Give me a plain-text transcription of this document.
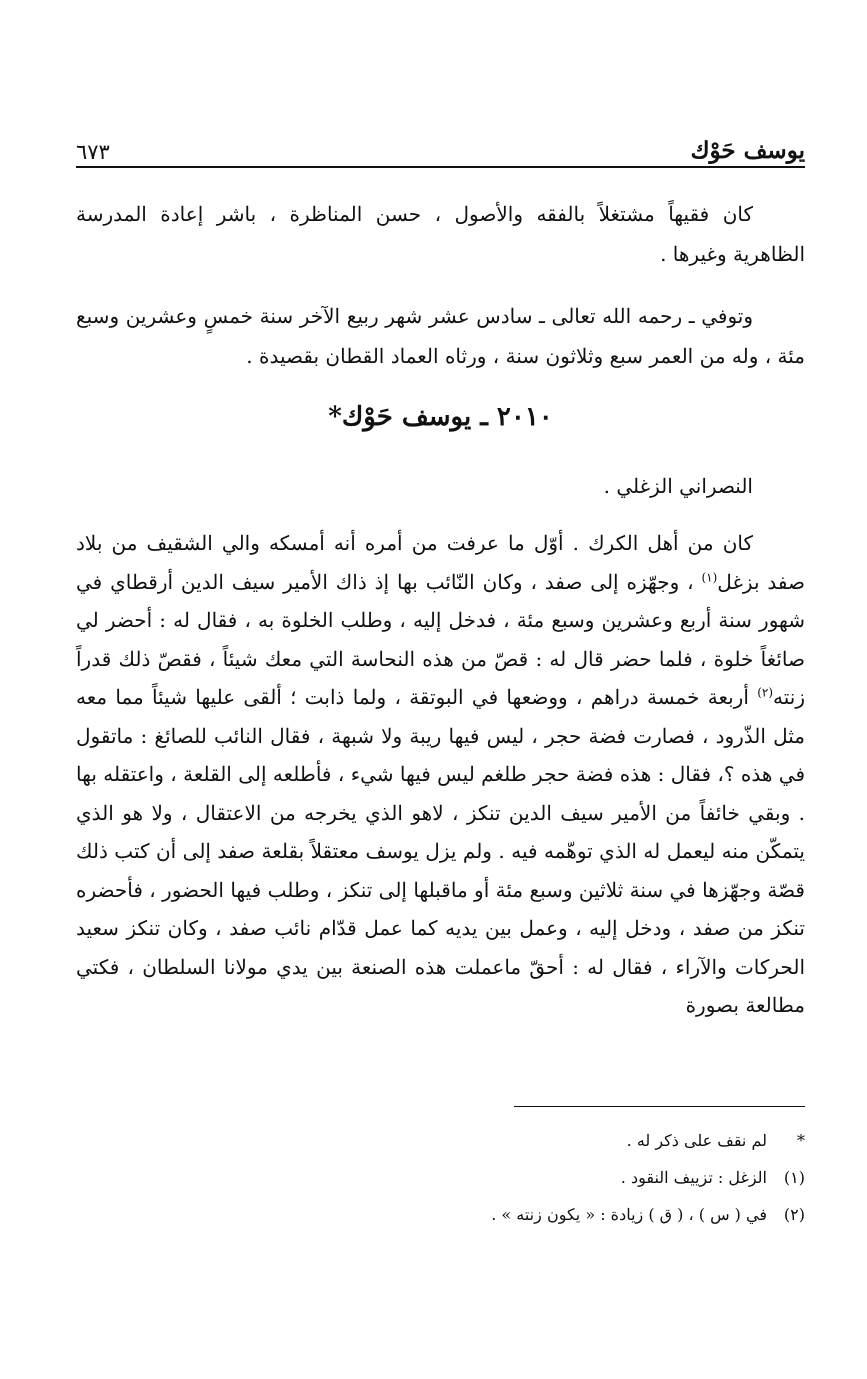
يوسف حَوْك
٦٧٣

كان فقيهاً مشتغلاً بالفقه والأصول ، حسن المناظرة ، باشر إعادة المدرسة الظاهرية وغيرها .

وتوفي ـ رحمه الله تعالى ـ سادس عشر شهر ربيع الآخر سنة خمسٍ وعشرين وسبع مئة ، وله من العمر سبع وثلاثون سنة ، ورثاه العماد القطان بقصيدة .

٢٠١٠ ـ يوسف حَوْك*

النصراني الزغلي .

كان من أهل الكرك . أوّل ما عرفت من أمره أنه أمسكه والي الشقيف من بلاد صفد بزغل$^{(١)}$ ، وجهّزه إلى صفد ، وكان النّائب بها إذ ذاك الأمير سيف الدين أرقطاي في شهور سنة أربع وعشرين وسبع مئة ، فدخل إليه ، وطلب الخلوة به ، فقال له : أحضر لي صائغاً خلوة ، فلما حضر قال له : قصّ من هذه النحاسة التي معك شيئاً ، فقصّ ذلك قدراً زنته$^{(٢)}$ أربعة خمسة دراهم ، ووضعها في البوتقة ، ولما ذابت ؛ ألقى عليها شيئاً مما معه مثل الذّرود ، فصارت فضة حجر ، ليس فيها ريبة ولا شبهة ، فقال النائب للصائغ : ماتقول في هذه ؟، فقال : هذه فضة حجر طلغم ليس فيها شيء ، فأطلعه إلى القلعة ، واعتقله بها . وبقي خائفاً من الأمير سيف الدين تنكز ، لاهو الذي يخرجه من الاعتقال ، ولا هو الذي يتمكّن منه ليعمل له الذي توهّمه فيه . ولم يزل يوسف معتقلاً بقلعة صفد إلى أن كتب ذلك قصّة وجهّزها في سنة ثلاثين وسبع مئة أو ماقبلها إلى تنكز ، وطلب فيها الحضور ، فأحضره تنكز من صفد ، ودخل إليه ، وعمل بين يديه كما عمل قدّام نائب صفد ، وكان تنكز سعيد الحركات والآراء ، فقال له : أحقّ ماعملت هذه الصنعة بين يدي مولانا السلطان ، فكتي مطالعة بصورة

*
لم نقف على ذكر له .
(١)
الزغل : تزييف النقود .
(٢)
في ( س ) ، ( ق ) زيادة : « يكون زنته » .
